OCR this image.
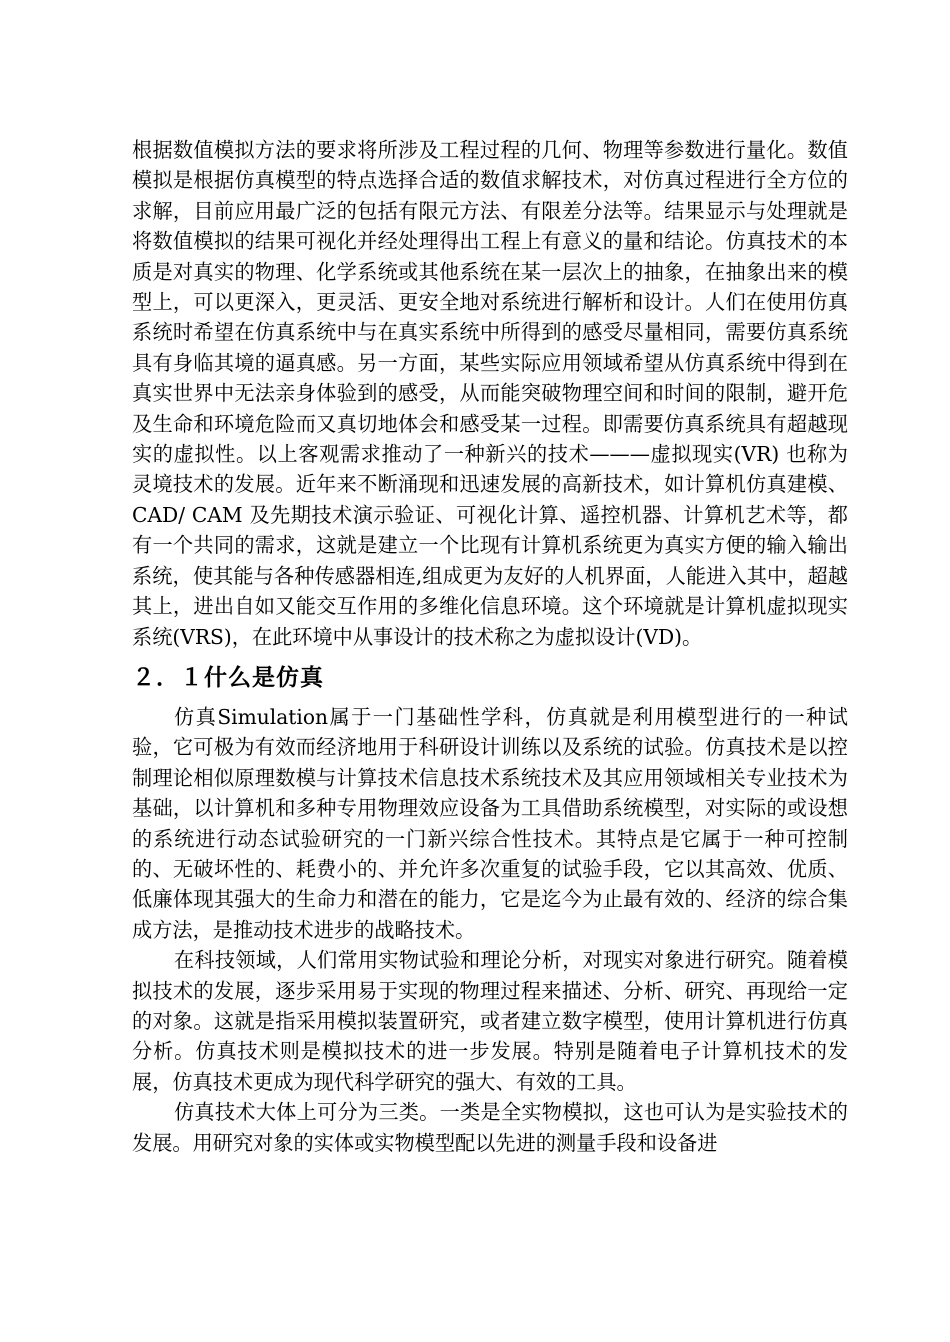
根据数值模拟方法的要求将所涉及工程过程的几何、物理等参数进行量化。数值模拟是根据仿真模型的特点选择合适的数值求解技术，对仿真过程进行全方位的求解，目前应用最广泛的包括有限元方法、有限差分法等。结果显示与处理就是将数值模拟的结果可视化并经处理得出工程上有意义的量和结论。仿真技术的本质是对真实的物理、化学系统或其他系统在某一层次上的抽象，在抽象出来的模型上，可以更深入，更灵活、更安全地对系统进行解析和设计。人们在使用仿真系统时希望在仿真系统中与在真实系统中所得到的感受尽量相同，需要仿真系统具有身临其境的逼真感。另一方面，某些实际应用领域希望从仿真系统中得到在真实世界中无法亲身体验到的感受，从而能突破物理空间和时间的限制，避开危及生命和环境危险而又真切地体会和感受某一过程。即需要仿真系统具有超越现实的虚拟性。以上客观需求推动了一种新兴的技术———虚拟现实(VR) 也称为灵境技术的发展。近年来不断涌现和迅速发展的高新技术，如计算机仿真建模、CAD/ CAM 及先期技术演示验证、可视化计算、遥控机器、计算机艺术等，都有一个共同的需求，这就是建立一个比现有计算机系统更为真实方便的输入输出系统，使其能与各种传感器相连,组成更为友好的人机界面，人能进入其中，超越其上，进出自如又能交互作用的多维化信息环境。这个环境就是计算机虚拟现实系统(VRS)，在此环境中从事设计的技术称之为虚拟设计(VD)。

２．１什么是仿真

仿真Simulation属于一门基础性学科，仿真就是利用模型进行的一种试验，它可极为有效而经济地用于科研设计训练以及系统的试验。仿真技术是以控制理论相似原理数模与计算技术信息技术系统技术及其应用领域相关专业技术为基础，以计算机和多种专用物理效应设备为工具借助系统模型，对实际的或设想的系统进行动态试验研究的一门新兴综合性技术。其特点是它属于一种可控制的、无破坏性的、耗费小的、并允许多次重复的试验手段，它以其高效、优质、低廉体现其强大的生命力和潜在的能力，它是迄今为止最有效的、经济的综合集成方法，是推动技术进步的战略技术。

在科技领域，人们常用实物试验和理论分析，对现实对象进行研究。随着模拟技术的发展，逐步采用易于实现的物理过程来描述、分析、研究、再现给一定的对象。这就是指采用模拟装置研究，或者建立数字模型，使用计算机进行仿真分析。仿真技术则是模拟技术的进一步发展。特别是随着电子计算机技术的发展，仿真技术更成为现代科学研究的强大、有效的工具。

仿真技术大体上可分为三类。一类是全实物模拟，这也可认为是实验技术的发展。用研究对象的实体或实物模型配以先进的测量手段和设备进
